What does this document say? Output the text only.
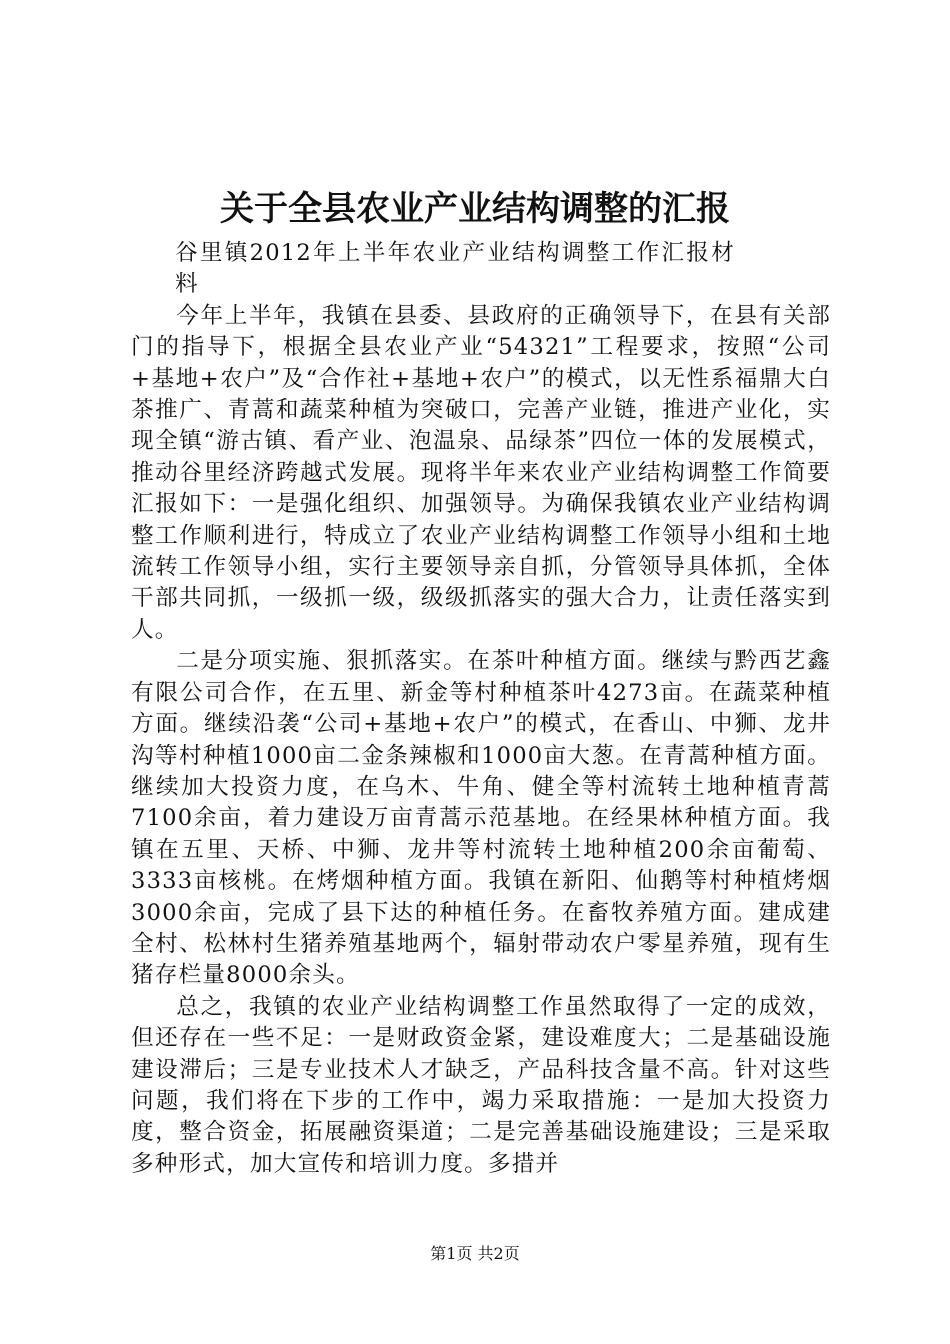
关于全县农业产业结构调整的汇报

谷里镇2012年上半年农业产业结构调整工作汇报材料

今年上半年，我镇在县委、县政府的正确领导下，在县有关部门的指导下，根据全县农业产业“54321”工程要求，按照“公司+基地+农户”及“合作社+基地+农户”的模式，以无性系福鼎大白茶推广、青蒿和蔬菜种植为突破口，完善产业链，推进产业化，实现全镇“游古镇、看产业、泡温泉、品绿茶”四位一体的发展模式，推动谷里经济跨越式发展。现将半年来农业产业结构调整工作简要汇报如下：一是强化组织、加强领导。为确保我镇农业产业结构调整工作顺利进行，特成立了农业产业结构调整工作领导小组和土地流转工作领导小组，实行主要领导亲自抓，分管领导具体抓，全体干部共同抓，一级抓一级，级级抓落实的强大合力，让责任落实到人。

二是分项实施、狠抓落实。在茶叶种植方面。继续与黔西艺鑫有限公司合作，在五里、新金等村种植茶叶4273亩。在蔬菜种植方面。继续沿袭“公司+基地+农户”的模式，在香山、中狮、龙井沟等村种植1000亩二金条辣椒和1000亩大葱。在青蒿种植方面。继续加大投资力度，在乌木、牛角、健全等村流转土地种植青蒿7100余亩，着力建设万亩青蒿示范基地。在经果林种植方面。我镇在五里、天桥、中狮、龙井等村流转土地种植200余亩葡萄、3333亩核桃。在烤烟种植方面。我镇在新阳、仙鹅等村种植烤烟3000余亩，完成了县下达的种植任务。在畜牧养殖方面。建成建全村、松林村生猪养殖基地两个，辐射带动农户零星养殖，现有生猪存栏量8000余头。

总之，我镇的农业产业结构调整工作虽然取得了一定的成效，但还存在一些不足：一是财政资金紧，建设难度大；二是基础设施建设滞后；三是专业技术人才缺乏，产品科技含量不高。针对这些问题，我们将在下步的工作中，竭力采取措施：一是加大投资力度，整合资金，拓展融资渠道；二是完善基础设施建设；三是采取多种形式，加大宣传和培训力度。多措并

第1页 共2页
